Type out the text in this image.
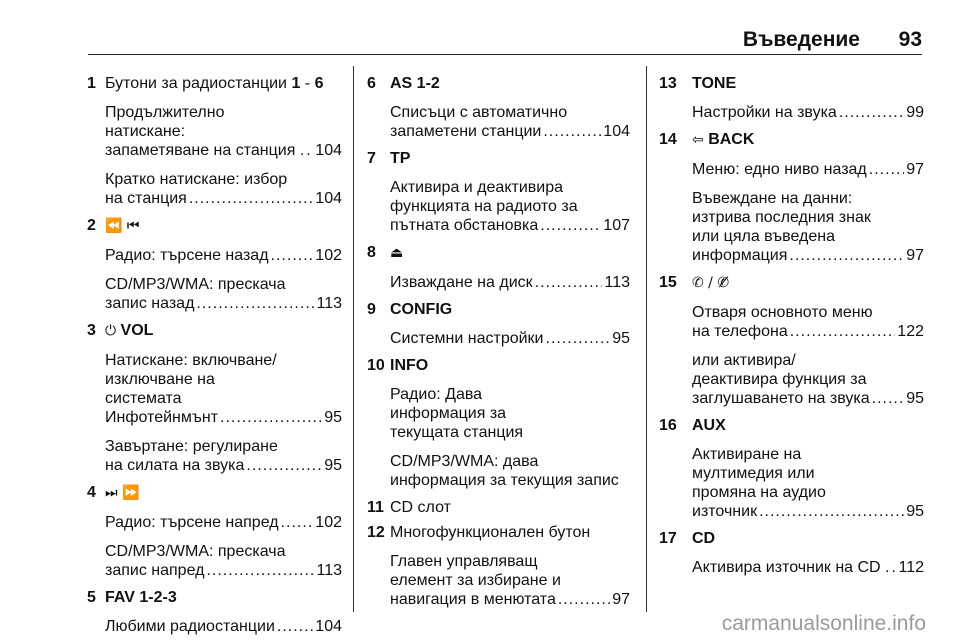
Въведение 93
1 Бутони за радиостанции 1 - 6
Продължително
натискане:
запаметяване на станция . ..... 104
Кратко натискане: избор
на станция .....	104
2 ⏪ ⏮
Радио: търсене назад .....	102
CD/MP3/WMA: прескача
запис назад .....	113
3 ⏻ VOL
Натискане: включване/
изключване на
системата
Инфотейнмънт .....	95
Завъртане: регулиране
на силата на звука .....	95
4 ⏭ ⏩
Радио: търсене напред ..... 102
CD/MP3/WMA: прескача
запис напред .....	113
5 FAV 1-2-3
Любими радиостанции .....	104
6 AS 1-2
Списъци с автоматично
запаметени станции .....	104
7 TP
Активира и деактивира
функцията на радиото за
пътната обстановка .....	107
8 ⏏
Изваждане на диск .....	113
9 CONFIG
Системни настройки .....	95
10 INFO
Радио: Дава
информация за
текущата станция
CD/MP3/WMA: дава
информация за текущия запис
11 CD слот
12 Многофункционален бутон
Главен управляващ
елемент за избиране и
навигация в менютата .....	97
13 TONE
Настройки на звука .....	99
14 ⇦ BACK
Меню: едно ниво назад ..... 97
Въвеждане на данни:
изтрива последния знак
или цяла въведена
информация .....	97
15 ✆ / ✆̸
Отваря основното меню
на телефона .....	122
или активира/
деактивира функция за
заглушаването на звука ..... 95
16 AUX
Активиране на
мултимедия или
промяна на аудио
източник .....	95
17 CD
Активира източник на CD . ..... 112
carmanualsonline.info
